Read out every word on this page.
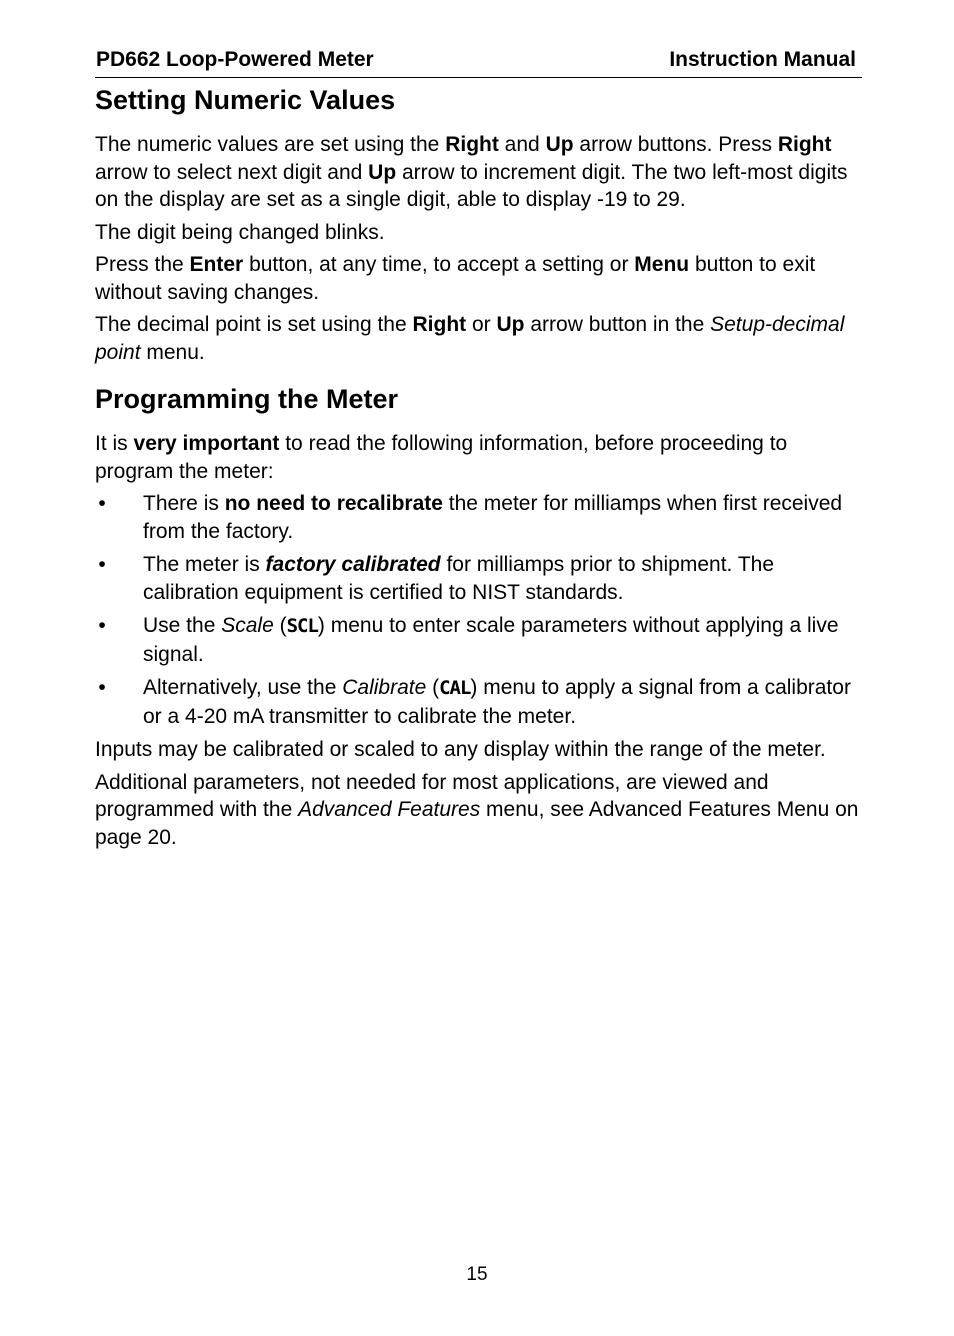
PD662 Loop-Powered Meter	Instruction Manual
Setting Numeric Values

The numeric values are set using the Right and Up arrow buttons. Press Right arrow to select next digit and Up arrow to increment digit. The two left-most digits on the display are set as a single digit, able to display -19 to 29.

The digit being changed blinks.

Press the Enter button, at any time, to accept a setting or Menu button to exit without saving changes.

The decimal point is set using the Right or Up arrow button in the Setup-decimal point menu.

Programming the Meter

It is very important to read the following information, before proceeding to program the meter:

• There is no need to recalibrate the meter for milliamps when first received from the factory.
• The meter is factory calibrated for milliamps prior to shipment. The calibration equipment is certified to NIST standards.
• Use the Scale (SCL) menu to enter scale parameters without applying a live signal.
• Alternatively, use the Calibrate (CAL) menu to apply a signal from a calibrator or a 4-20 mA transmitter to calibrate the meter.

Inputs may be calibrated or scaled to any display within the range of the meter.

Additional parameters, not needed for most applications, are viewed and programmed with the Advanced Features menu, see Advanced Features Menu on page 20.

15
